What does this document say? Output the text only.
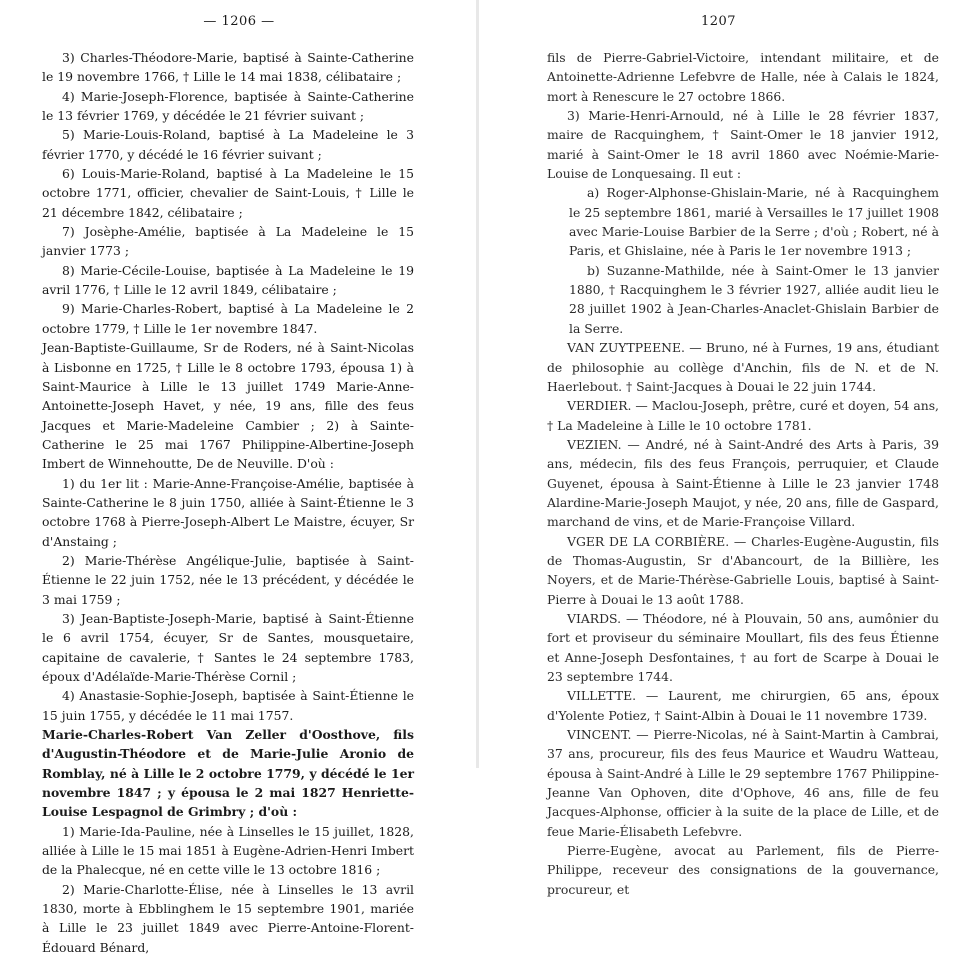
— 1206 —

3) Charles-Théodore-Marie, baptisé à Sainte-Catherine le 19 novembre 1766, † Lille le 14 mai 1838, célibataire ;

4) Marie-Joseph-Florence, baptisée à Sainte-Catherine le 13 février 1769, y décédée le 21 février suivant ;

5) Marie-Louis-Roland, baptisé à La Madeleine le 3 février 1770, y décédé le 16 février suivant ;

6) Louis-Marie-Roland, baptisé à La Madeleine le 15 octobre 1771, officier, chevalier de Saint-Louis, † Lille le 21 décembre 1842, célibataire ;

7) Josèphe-Amélie, baptisée à La Madeleine le 15 janvier 1773 ;

8) Marie-Cécile-Louise, baptisée à La Madeleine le 19 avril 1776, † Lille le 12 avril 1849, célibataire ;

9) Marie-Charles-Robert, baptisé à La Madeleine le 2 octobre 1779, † Lille le 1er novembre 1847.

Jean-Baptiste-Guillaume, Sr de Roders, né à Saint-Nicolas à Lisbonne en 1725, † Lille le 8 octobre 1793, épousa 1) à Saint-Maurice à Lille le 13 juillet 1749 Marie-Anne-Antoinette-Joseph Havet, y née, 19 ans, fille des feus Jacques et Marie-Madeleine Cambier ; 2) à Sainte-Catherine le 25 mai 1767 Philippine-Albertine-Joseph Imbert de Winnehoutte, De de Neuville. D'où :

1) du 1er lit : Marie-Anne-Françoise-Amélie, baptisée à Sainte-Catherine le 8 juin 1750, alliée à Saint-Étienne le 3 octobre 1768 à Pierre-Joseph-Albert Le Maistre, écuyer, Sr d'Anstaing ;

2) Marie-Thérèse Angélique-Julie, baptisée à Saint-Étienne le 22 juin 1752, née le 13 précédent, y décédée le 3 mai 1759 ;

3) Jean-Baptiste-Joseph-Marie, baptisé à Saint-Étienne le 6 avril 1754, écuyer, Sr de Santes, mousquetaire, capitaine de cavalerie, † Santes le 24 septembre 1783, époux d'Adélaïde-Marie-Thérèse Cornil ;

4) Anastasie-Sophie-Joseph, baptisée à Saint-Étienne le 15 juin 1755, y décédée le 11 mai 1757.

Marie-Charles-Robert Van Zeller d'Oosthove, fils d'Augustin-Théodore et de Marie-Julie Aronio de Romblay, né à Lille le 2 octobre 1779, y décédé le 1er novembre 1847 ; y épousa le 2 mai 1827 Henriette-Louise Lespagnol de Grimbry ; d'où :

1) Marie-Ida-Pauline, née à Linselles le 15 juillet, 1828, alliée à Lille le 15 mai 1851 à Eugène-Adrien-Henri Imbert de la Phalecque, né en cette ville le 13 octobre 1816 ;

2) Marie-Charlotte-Élise, née à Linselles le 13 avril 1830, morte à Ebblinghem le 15 septembre 1901, mariée à Lille le 23 juillet 1849 avec Pierre-Antoine-Florent-Édouard Bénard,

1207

fils de Pierre-Gabriel-Victoire, intendant militaire, et de Antoinette-Adrienne Lefebvre de Halle, née à Calais le 1824, mort à Renescure le 27 octobre 1866.

3) Marie-Henri-Arnould, né à Lille le 28 février 1837, maire de Racquinghem, † Saint-Omer le 18 janvier 1912, marié à Saint-Omer le 18 avril 1860 avec Noémie-Marie-Louise de Lonquesaing. Il eut :

a) Roger-Alphonse-Ghislain-Marie, né à Racquinghem le 25 septembre 1861, marié à Versailles le 17 juillet 1908 avec Marie-Louise Barbier de la Serre ; d'où ; Robert, né à Paris, et Ghislaine, née à Paris le 1er novembre 1913 ;

b) Suzanne-Mathilde, née à Saint-Omer le 13 janvier 1880, † Racquinghem le 3 février 1927, alliée audit lieu le 28 juillet 1902 à Jean-Charles-Anaclet-Ghislain Barbier de la Serre.

VAN ZUYTPEENE. — Bruno, né à Furnes, 19 ans, étudiant de philosophie au collège d'Anchin, fils de N. et de N. Haerlebout. † Saint-Jacques à Douai le 22 juin 1744.

VERDIER. — Maclou-Joseph, prêtre, curé et doyen, 54 ans, † La Madeleine à Lille le 10 octobre 1781.

VEZIEN. — André, né à Saint-André des Arts à Paris, 39 ans, médecin, fils des feus François, perruquier, et Claude Guyenet, épousa à Saint-Étienne à Lille le 23 janvier 1748 Alardine-Marie-Joseph Maujot, y née, 20 ans, fille de Gaspard, marchand de vins, et de Marie-Françoise Villard.

VGER DE LA CORBIÈRE. — Charles-Eugène-Augustin, fils de Thomas-Augustin, Sr d'Abancourt, de la Billière, les Noyers, et de Marie-Thérèse-Gabrielle Louis, baptisé à Saint-Pierre à Douai le 13 août 1788.

VIARDS. — Théodore, né à Plouvain, 50 ans, aumônier du fort et proviseur du séminaire Moullart, fils des feus Étienne et Anne-Joseph Desfontaines, † au fort de Scarpe à Douai le 23 septembre 1744.

VILLETTE. — Laurent, me chirurgien, 65 ans, époux d'Yolente Potiez, † Saint-Albin à Douai le 11 novembre 1739.

VINCENT. — Pierre-Nicolas, né à Saint-Martin à Cambrai, 37 ans, procureur, fils des feus Maurice et Waudru Watteau, épousa à Saint-André à Lille le 29 septembre 1767 Philippine-Jeanne Van Ophoven, dite d'Ophove, 46 ans, fille de feu Jacques-Alphonse, officier à la suite de la place de Lille, et de feue Marie-Élisabeth Lefebvre.

Pierre-Eugène, avocat au Parlement, fils de Pierre-Philippe, receveur des consignations de la gouvernance, procureur, et
